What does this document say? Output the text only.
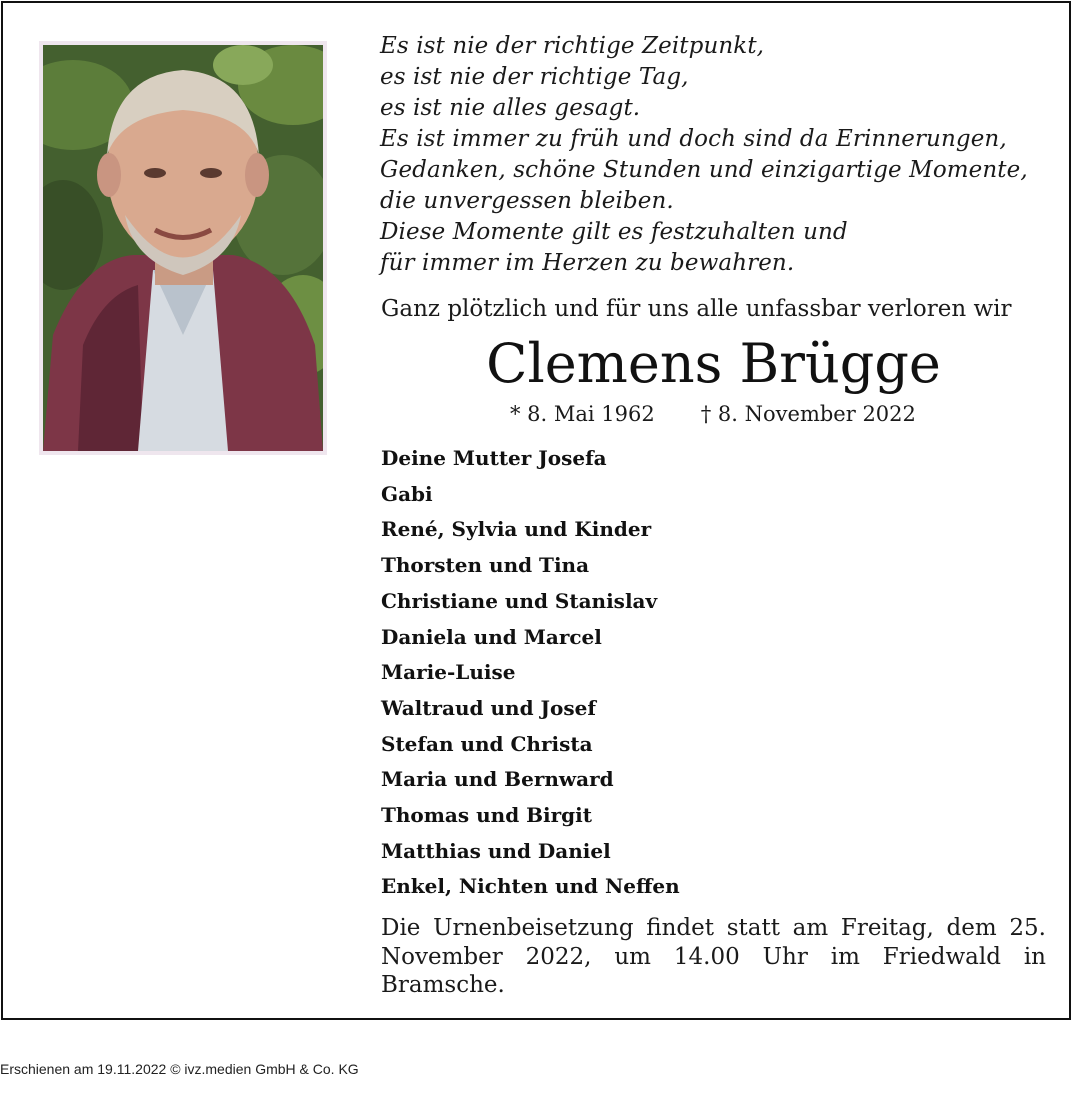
Es ist nie der richtige Zeitpunkt,
es ist nie der richtige Tag,
es ist nie alles gesagt.
Es ist immer zu früh und doch sind da Erinnerungen,
Gedanken, schöne Stunden und einzigartige Momente,
die unvergessen bleiben.
Diese Momente gilt es festzuhalten und
für immer im Herzen zu bewahren.
Ganz plötzlich und für uns alle unfassbar verloren wir
Clemens Brügge
* 8. Mai 1962 † 8. November 2022
Deine Mutter Josefa
Gabi
René, Sylvia und Kinder
Thorsten und Tina
Christiane und Stanislav
Daniela und Marcel
Marie-Luise
Waltraud und Josef
Stefan und Christa
Maria und Bernward
Thomas und Birgit
Matthias und Daniel
Enkel, Nichten und Neffen

Die Urnenbeisetzung findet statt am Freitag, dem 25. November 2022, um 14.00 Uhr im Friedwald in Bramsche.

Erschienen am 19.11.2022 © ivz.medien GmbH & Co. KG
